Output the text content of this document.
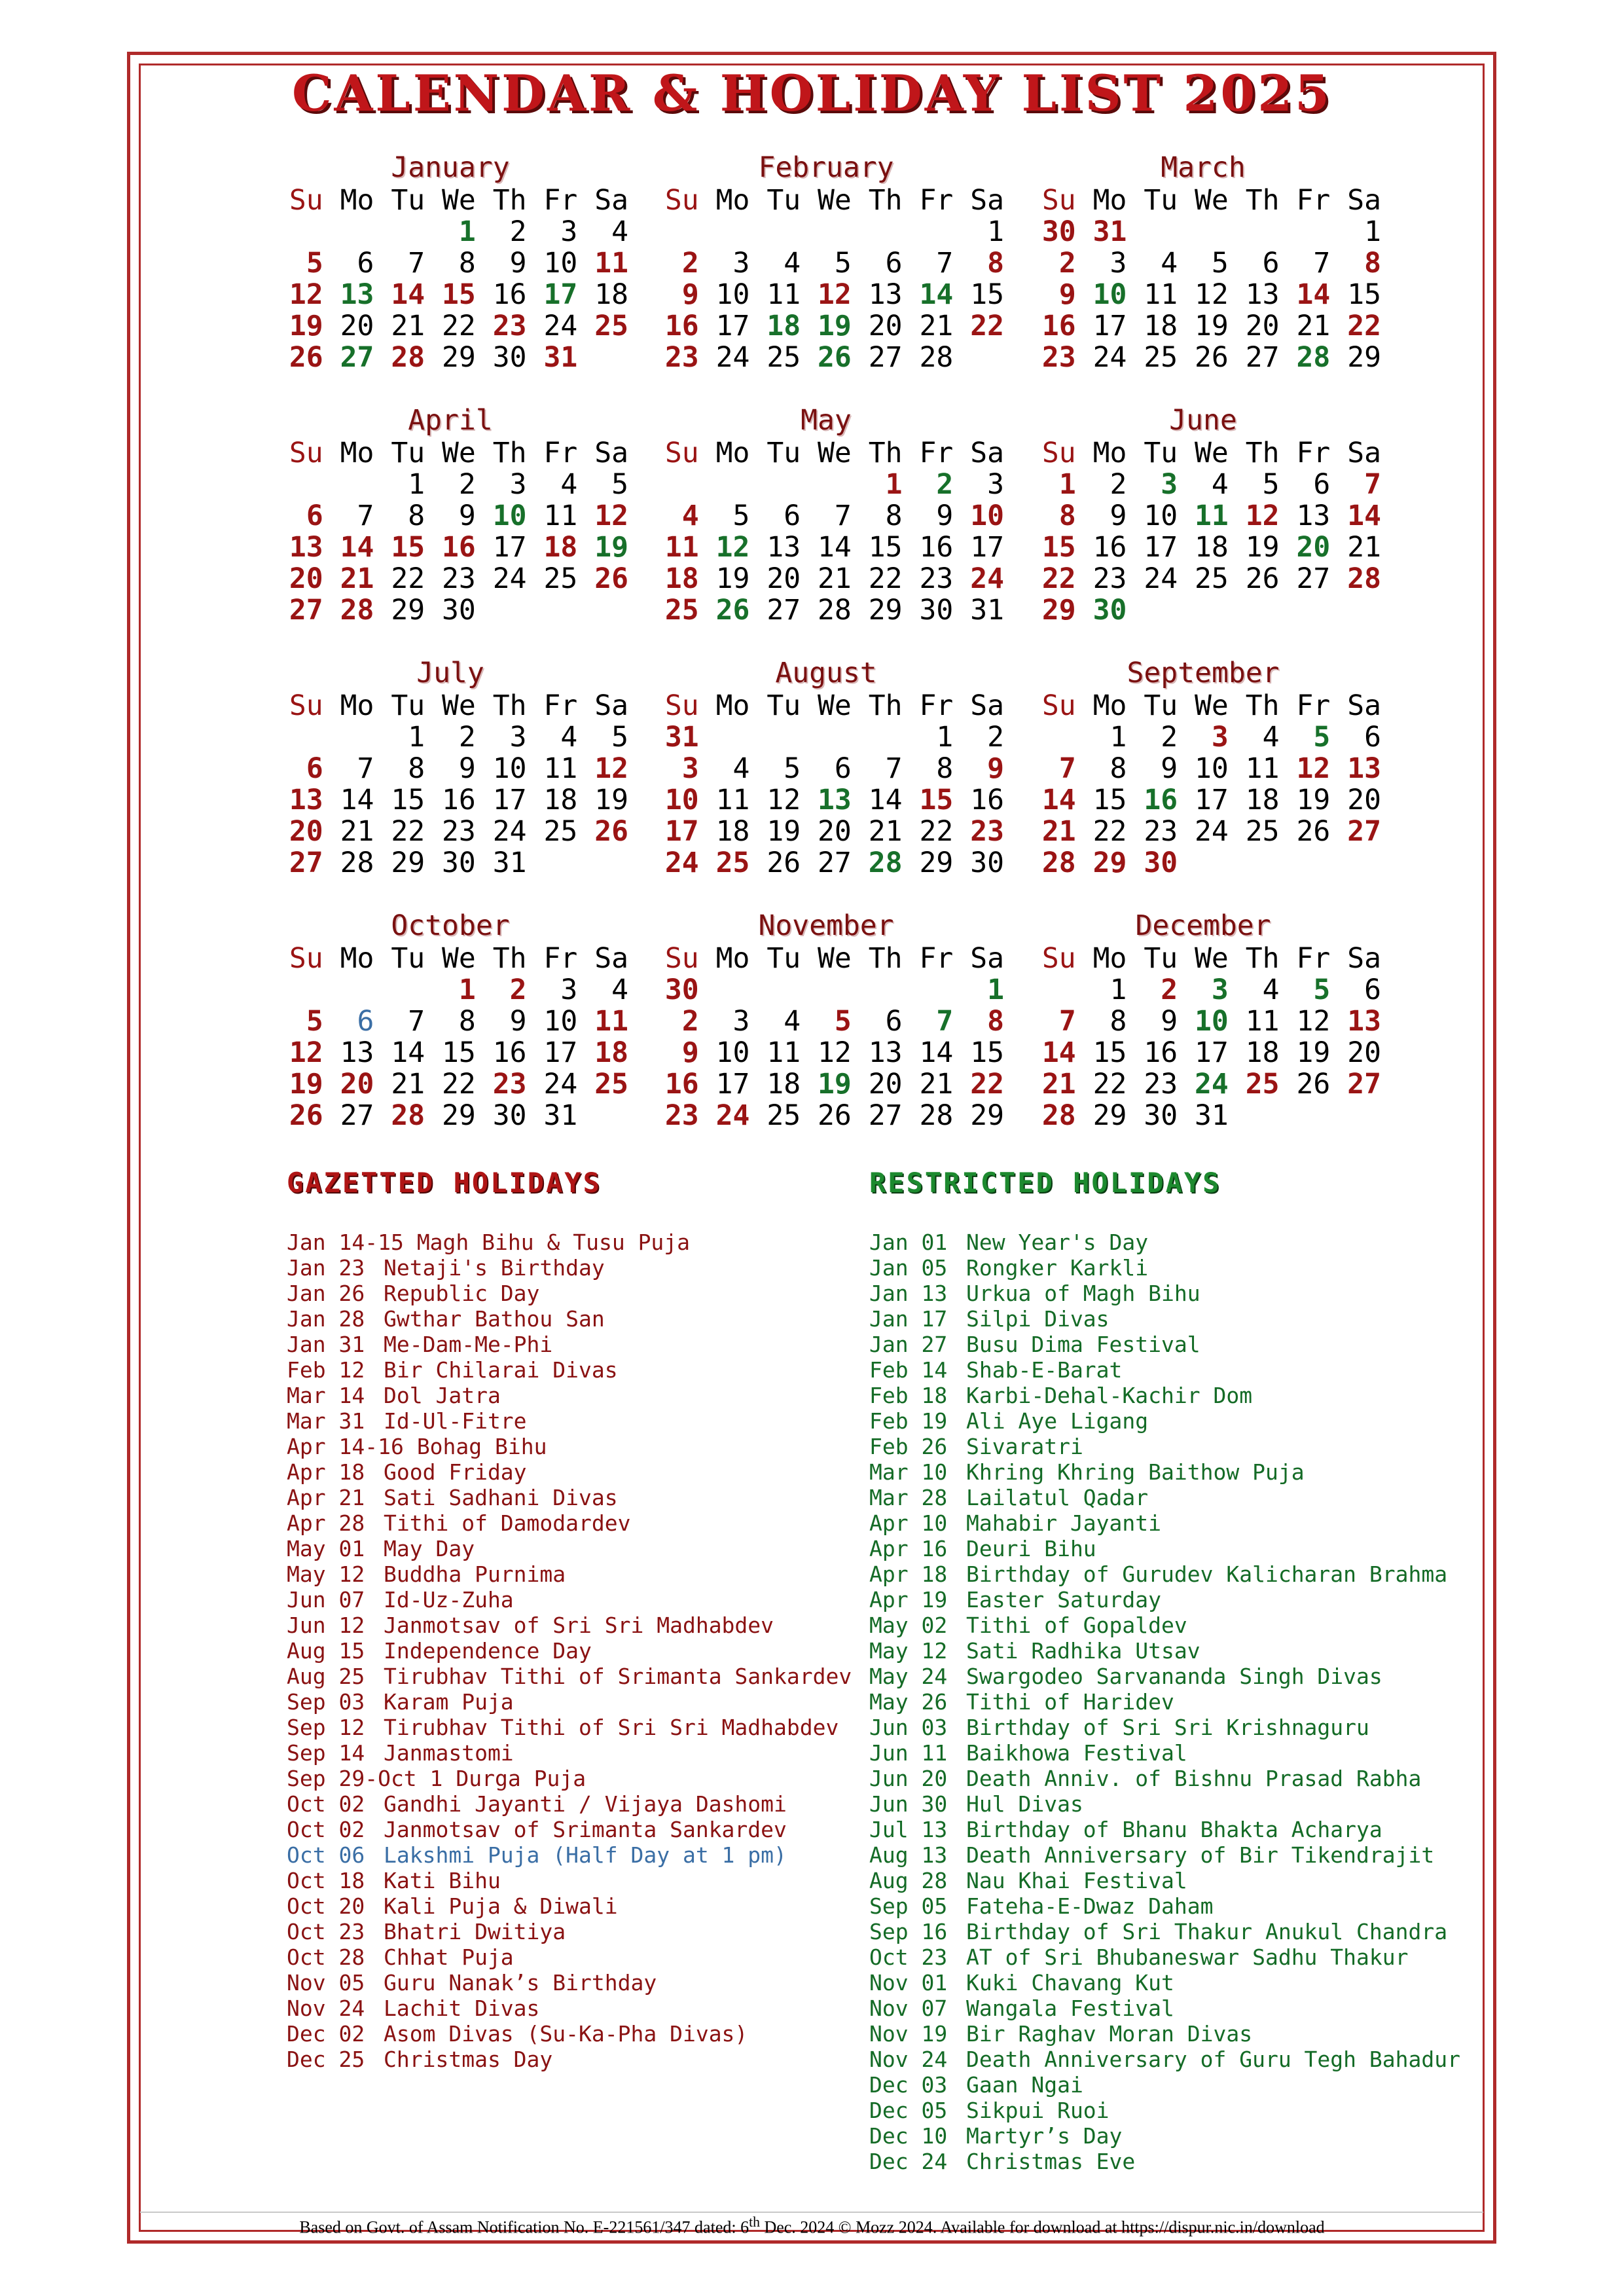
CALENDAR & HOLIDAY LIST 2025
January
Su	Mo	Tu	We	Th	Fr	Sa
			1	2	3	4
5	6	7	8	9	10	11
12	13	14	15	16	17	18
19	20	21	22	23	24	25
26	27	28	29	30	31	
February
Su	Mo	Tu	We	Th	Fr	Sa
						1
2	3	4	5	6	7	8
9	10	11	12	13	14	15
16	17	18	19	20	21	22
23	24	25	26	27	28	
March
Su	Mo	Tu	We	Th	Fr	Sa
30	31					1
2	3	4	5	6	7	8
9	10	11	12	13	14	15
16	17	18	19	20	21	22
23	24	25	26	27	28	29
April
Su	Mo	Tu	We	Th	Fr	Sa
		1	2	3	4	5
6	7	8	9	10	11	12
13	14	15	16	17	18	19
20	21	22	23	24	25	26
27	28	29	30			
May
Su	Mo	Tu	We	Th	Fr	Sa
				1	2	3
4	5	6	7	8	9	10
11	12	13	14	15	16	17
18	19	20	21	22	23	24
25	26	27	28	29	30	31
June
Su	Mo	Tu	We	Th	Fr	Sa
1	2	3	4	5	6	7
8	9	10	11	12	13	14
15	16	17	18	19	20	21
22	23	24	25	26	27	28
29	30					
July
Su	Mo	Tu	We	Th	Fr	Sa
		1	2	3	4	5
6	7	8	9	10	11	12
13	14	15	16	17	18	19
20	21	22	23	24	25	26
27	28	29	30	31		
August
Su	Mo	Tu	We	Th	Fr	Sa
31					1	2
3	4	5	6	7	8	9
10	11	12	13	14	15	16
17	18	19	20	21	22	23
24	25	26	27	28	29	30
September
Su	Mo	Tu	We	Th	Fr	Sa
	1	2	3	4	5	6
7	8	9	10	11	12	13
14	15	16	17	18	19	20
21	22	23	24	25	26	27
28	29	30				
October
Su	Mo	Tu	We	Th	Fr	Sa
			1	2	3	4
5	6	7	8	9	10	11
12	13	14	15	16	17	18
19	20	21	22	23	24	25
26	27	28	29	30	31	
November
Su	Mo	Tu	We	Th	Fr	Sa
30						1
2	3	4	5	6	7	8
9	10	11	12	13	14	15
16	17	18	19	20	21	22
23	24	25	26	27	28	29
December
Su	Mo	Tu	We	Th	Fr	Sa
	1	2	3	4	5	6
7	8	9	10	11	12	13
14	15	16	17	18	19	20
21	22	23	24	25	26	27
28	29	30	31			
GAZETTED HOLIDAYS
Jan 14-15 Magh Bihu & Tusu Puja
Jan 23 Netaji's Birthday
Jan 26 Republic Day
Jan 28 Gwthar Bathou San
Jan 31 Me-Dam-Me-Phi
Feb 12 Bir Chilarai Divas
Mar 14 Dol Jatra
Mar 31 Id-Ul-Fitre
Apr 14-16 Bohag Bihu
Apr 18 Good Friday
Apr 21 Sati Sadhani Divas
Apr 28 Tithi of Damodardev
May 01 May Day
May 12 Buddha Purnima
Jun 07 Id-Uz-Zuha
Jun 12 Janmotsav of Sri Sri Madhabdev
Aug 15 Independence Day
Aug 25 Tirubhav Tithi of Srimanta Sankardev
Sep 03 Karam Puja
Sep 12 Tirubhav Tithi of Sri Sri Madhabdev
Sep 14 Janmastomi
Sep 29-Oct 1 Durga Puja
Oct 02 Gandhi Jayanti / Vijaya Dashomi
Oct 02 Janmotsav of Srimanta Sankardev
Oct 06 Lakshmi Puja (Half Day at 1 pm)
Oct 18 Kati Bihu
Oct 20 Kali Puja & Diwali
Oct 23 Bhatri Dwitiya
Oct 28 Chhat Puja
Nov 05 Guru Nanak’s Birthday
Nov 24 Lachit Divas
Dec 02 Asom Divas (Su-Ka-Pha Divas)
Dec 25 Christmas Day
RESTRICTED HOLIDAYS
Jan 01 New Year's Day
Jan 05 Rongker Karkli
Jan 13 Urkua of Magh Bihu
Jan 17 Silpi Divas
Jan 27 Busu Dima Festival
Feb 14 Shab-E-Barat
Feb 18 Karbi-Dehal-Kachir Dom
Feb 19 Ali Aye Ligang
Feb 26 Sivaratri
Mar 10 Khring Khring Baithow Puja
Mar 28 Lailatul Qadar
Apr 10 Mahabir Jayanti
Apr 16 Deuri Bihu
Apr 18 Birthday of Gurudev Kalicharan Brahma
Apr 19 Easter Saturday
May 02 Tithi of Gopaldev
May 12 Sati Radhika Utsav
May 24 Swargodeo Sarvananda Singh Divas
May 26 Tithi of Haridev
Jun 03 Birthday of Sri Sri Krishnaguru
Jun 11 Baikhowa Festival
Jun 20 Death Anniv. of Bishnu Prasad Rabha
Jun 30 Hul Divas
Jul 13 Birthday of Bhanu Bhakta Acharya
Aug 13 Death Anniversary of Bir Tikendrajit
Aug 28 Nau Khai Festival
Sep 05 Fateha-E-Dwaz Daham
Sep 16 Birthday of Sri Thakur Anukul Chandra
Oct 23 AT of Sri Bhubaneswar Sadhu Thakur
Nov 01 Kuki Chavang Kut
Nov 07 Wangala Festival
Nov 19 Bir Raghav Moran Divas
Nov 24 Death Anniversary of Guru Tegh Bahadur
Dec 03 Gaan Ngai
Dec 05 Sikpui Ruoi
Dec 10 Martyr’s Day
Dec 24 Christmas Eve
Based on Govt. of Assam Notification No. E-221561/347 dated: 6th Dec. 2024 © Mozz 2024. Available for download at https://dispur.nic.in/download
